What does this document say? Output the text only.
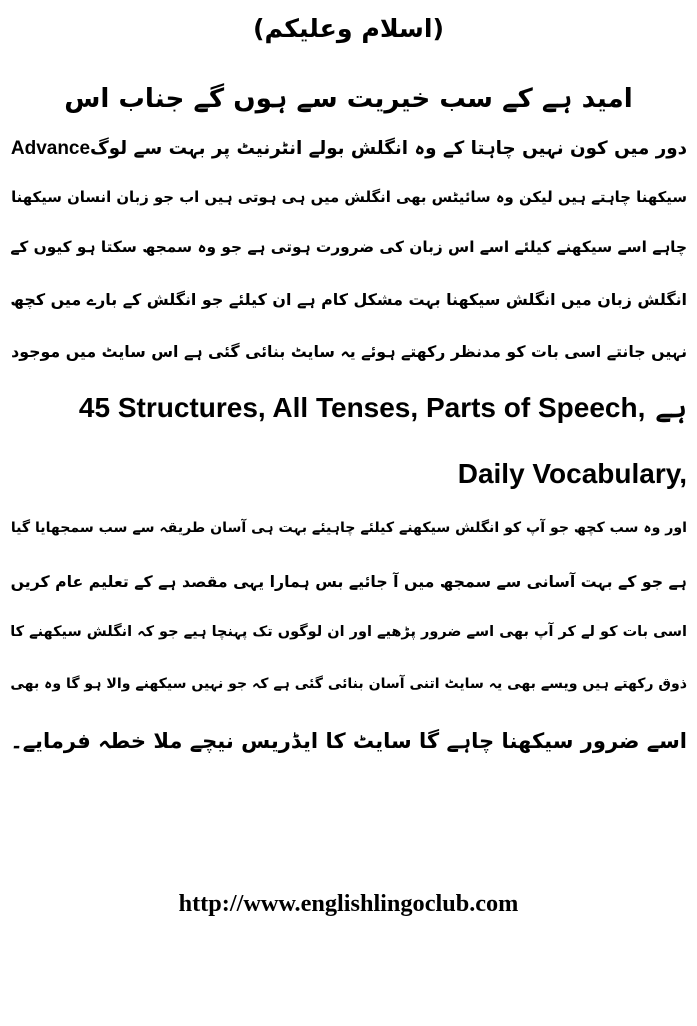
(اسلام وعلیکم)
امید ہے کے سب خیریت سے ہوں گے جناب اس
Advanceدور میں کون نہیں چاہتا کے وہ انگلش بولے انٹرنیٹ پر بہت سے لوگ
سیکھنا چاہتے ہیں لیکن وہ سائیٹس بھی انگلش میں ہی ہوتی ہیں اب جو زبان انسان سیکھنا
چاہے اسے سیکھنے کیلئے اسے اس زبان کی ضرورت ہوتی ہے جو وہ سمجھ سکتا ہو کیوں کے
انگلش زبان میں انگلش سیکھنا بہت مشکل کام ہے ان کیلئے جو انگلش کے بارے میں کچھ
نہیں جانتے اسی بات کو مدنظر رکھتے ہوئے یہ سایٹ بنائی گئی ہے اس سایٹ میں موجود
45 Structures, All Tenses, Parts of Speech, ہے
Daily Vocabulary,
اور وہ سب کچھ جو آپ کو انگلش سیکھنے کیلئے چاہیئے بہت ہی آسان طریقہ سے سب سمجھایا گیا
ہے جو کے بہت آسانی سے سمجھ میں آ جائیے بس ہمارا یہی مقصد ہے کے تعلیم عام کریں
اسی بات کو لے کر آپ بھی اسے ضرور پڑھیے اور ان لوگوں تک پہنچا ہیے جو کہ انگلش سیکھنے کا
ذوق رکھتے ہیں ویسے بھی یہ سایٹ اتنی آسان بنائی گئی ہے کہ جو نہیں سیکھنے والا ہو گا وہ بھی
اسے ضرور سیکھنا چاہے گا سایٹ کا ایڈریس نیچے ملا خطہ فرمایے۔
http://www.englishlingoclub.com
